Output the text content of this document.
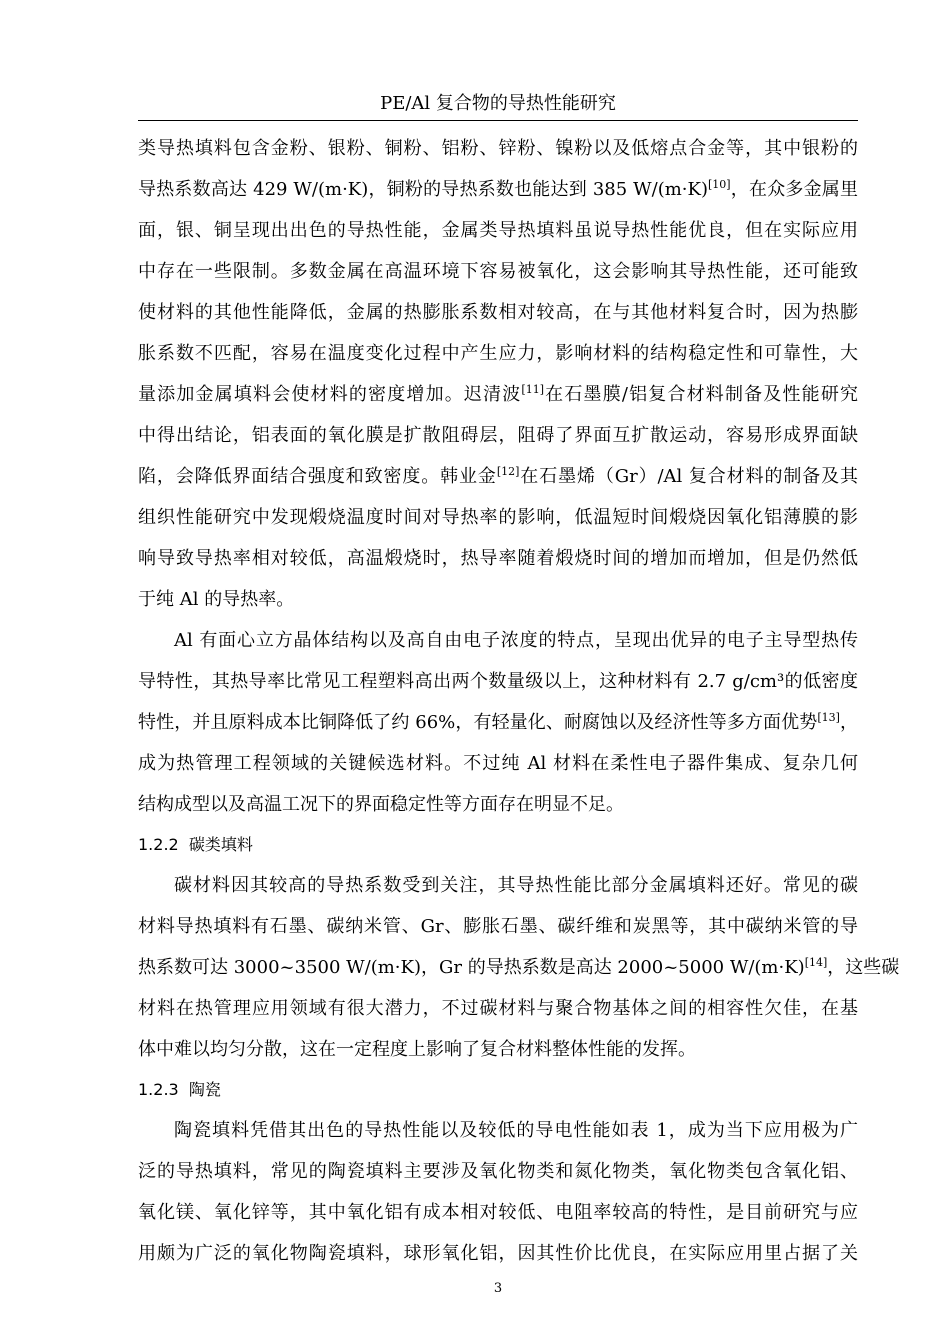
PE/Al 复合物的导热性能研究
类导热填料包含金粉、银粉、铜粉、铝粉、锌粉、镍粉以及低熔点合金等，其中银粉的
导热系数高达 429 W/(m·K)，铜粉的导热系数也能达到 385 W/(m·K)[10]，在众多金属里
面，银、铜呈现出出色的导热性能，金属类导热填料虽说导热性能优良，但在实际应用
中存在一些限制。多数金属在高温环境下容易被氧化，这会影响其导热性能，还可能致
使材料的其他性能降低，金属的热膨胀系数相对较高，在与其他材料复合时，因为热膨
胀系数不匹配，容易在温度变化过程中产生应力，影响材料的结构稳定性和可靠性，大
量添加金属填料会使材料的密度增加。迟清波[11]在石墨膜/铝复合材料制备及性能研究
中得出结论，铝表面的氧化膜是扩散阻碍层，阻碍了界面互扩散运动，容易形成界面缺
陷，会降低界面结合强度和致密度。韩业金[12]在石墨烯（Gr）/Al 复合材料的制备及其
组织性能研究中发现煅烧温度时间对导热率的影响，低温短时间煅烧因氧化铝薄膜的影
响导致导热率相对较低，高温煅烧时，热导率随着煅烧时间的增加而增加，但是仍然低
于纯 Al 的导热率。
Al 有面心立方晶体结构以及高自由电子浓度的特点，呈现出优异的电子主导型热传
导特性，其热导率比常见工程塑料高出两个数量级以上，这种材料有 2.7 g/cm³的低密度
特性，并且原料成本比铜降低了约 66%，有轻量化、耐腐蚀以及经济性等多方面优势[13]，
成为热管理工程领域的关键候选材料。不过纯 Al 材料在柔性电子器件集成、复杂几何
结构成型以及高温工况下的界面稳定性等方面存在明显不足。
1.2.2 碳类填料
碳材料因其较高的导热系数受到关注，其导热性能比部分金属填料还好。常见的碳
材料导热填料有石墨、碳纳米管、Gr、膨胀石墨、碳纤维和炭黑等，其中碳纳米管的导
热系数可达 3000~3500 W/(m·K)，Gr 的导热系数是高达 2000~5000 W/(m·K)[14]，这些碳
材料在热管理应用领域有很大潜力，不过碳材料与聚合物基体之间的相容性欠佳，在基
体中难以均匀分散，这在一定程度上影响了复合材料整体性能的发挥。
1.2.3 陶瓷
陶瓷填料凭借其出色的导热性能以及较低的导电性能如表 1，成为当下应用极为广
泛的导热填料，常见的陶瓷填料主要涉及氧化物类和氮化物类，氧化物类包含氧化铝、
氧化镁、氧化锌等，其中氧化铝有成本相对较低、电阻率较高的特性，是目前研究与应
用颇为广泛的氧化物陶瓷填料，球形氧化铝，因其性价比优良，在实际应用里占据了关
3
